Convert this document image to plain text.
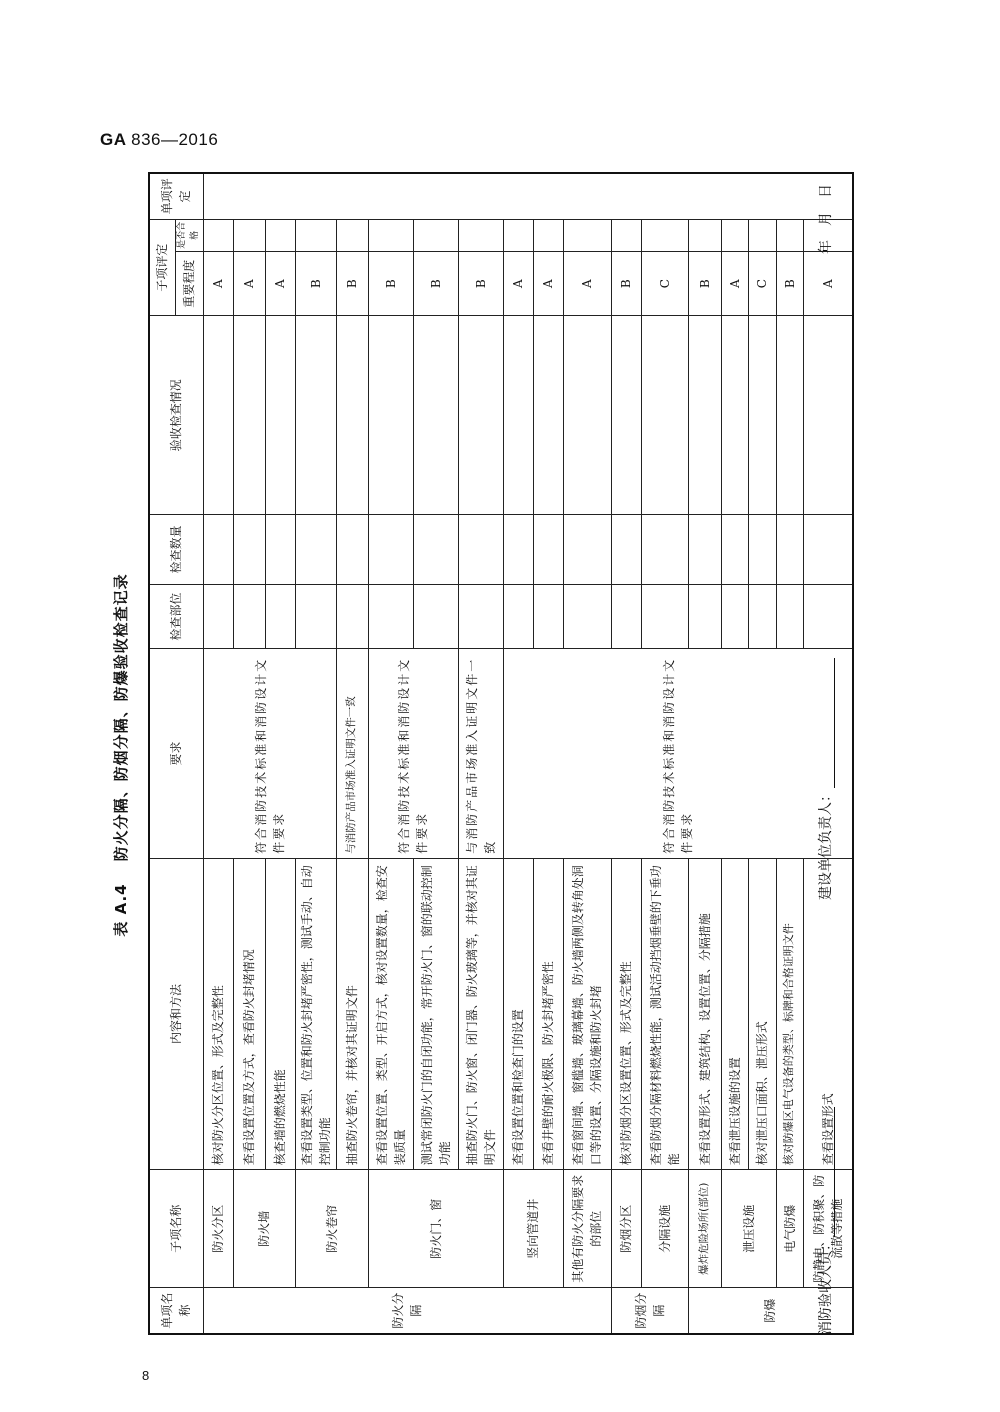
GA 836—2016
8
表 A.4防火分隔、防烟分隔、防爆验收检查记录
单项名称	子项名称	内容和方法	要求	检查部位	检查数量	验收检查情况	子项评定		单项评定
							重要程度	是否合格	
防火分隔	防火分区	核对防火分区位置、形式及完整性	符合消防技术标准和消防设计文件要求				A		
	防火墙	查看设置位置及方式，查看防火封堵情况					A		
		核查墙的燃烧性能					A		
	防火卷帘	查看设置类型、位置和防火封堵严密性，测试手动、自动控制功能					B		
		抽查防火卷帘，并核对其证明文件	与消防产品市场准入证明文件一致				B		
	防火门、窗	查看设置位置、类型、开启方式，核对设置数量，检查安装质量	符合消防技术标准和消防设计文件要求				B		
		测试常闭防火门的自闭功能，常开防火门、窗的联动控制功能					B		
		抽查防火门、防火窗、闭门器、防火玻璃等，并核对其证明文件	与消防产品市场准入证明文件一致				B		
	竖向管道井	查看设置位置和检查门的设置	符合消防技术标准和消防设计文件要求				A		
		查看井壁的耐火极限、防火封堵严密性					A		
	其他有防火分隔要求的部位	查看窗间墙、窗槛墙、玻璃幕墙、防火墙两侧及转角处洞口等的设置、分隔设施和防火封堵					A		
防烟分隔	防烟分区	核对防烟分区设置位置、形式及完整性					B		
	分隔设施	查看防烟分隔材料燃烧性能，测试活动挡烟垂壁的下垂功能					C		
防爆	爆炸危险场所(部位)	查看设置形式、建筑结构、设置位置、分隔措施					B		
	泄压设施	查看泄压设施的设置					A		
		核对泄压口面积、泄压形式					C		
	电气防爆	核对防爆区电气设备的类型、标牌和合格证明文件					B		
	防静电、防积聚、防流散等措施	查看设置形式					A		
消防验收人员：
建设单位负责人：
年月日
